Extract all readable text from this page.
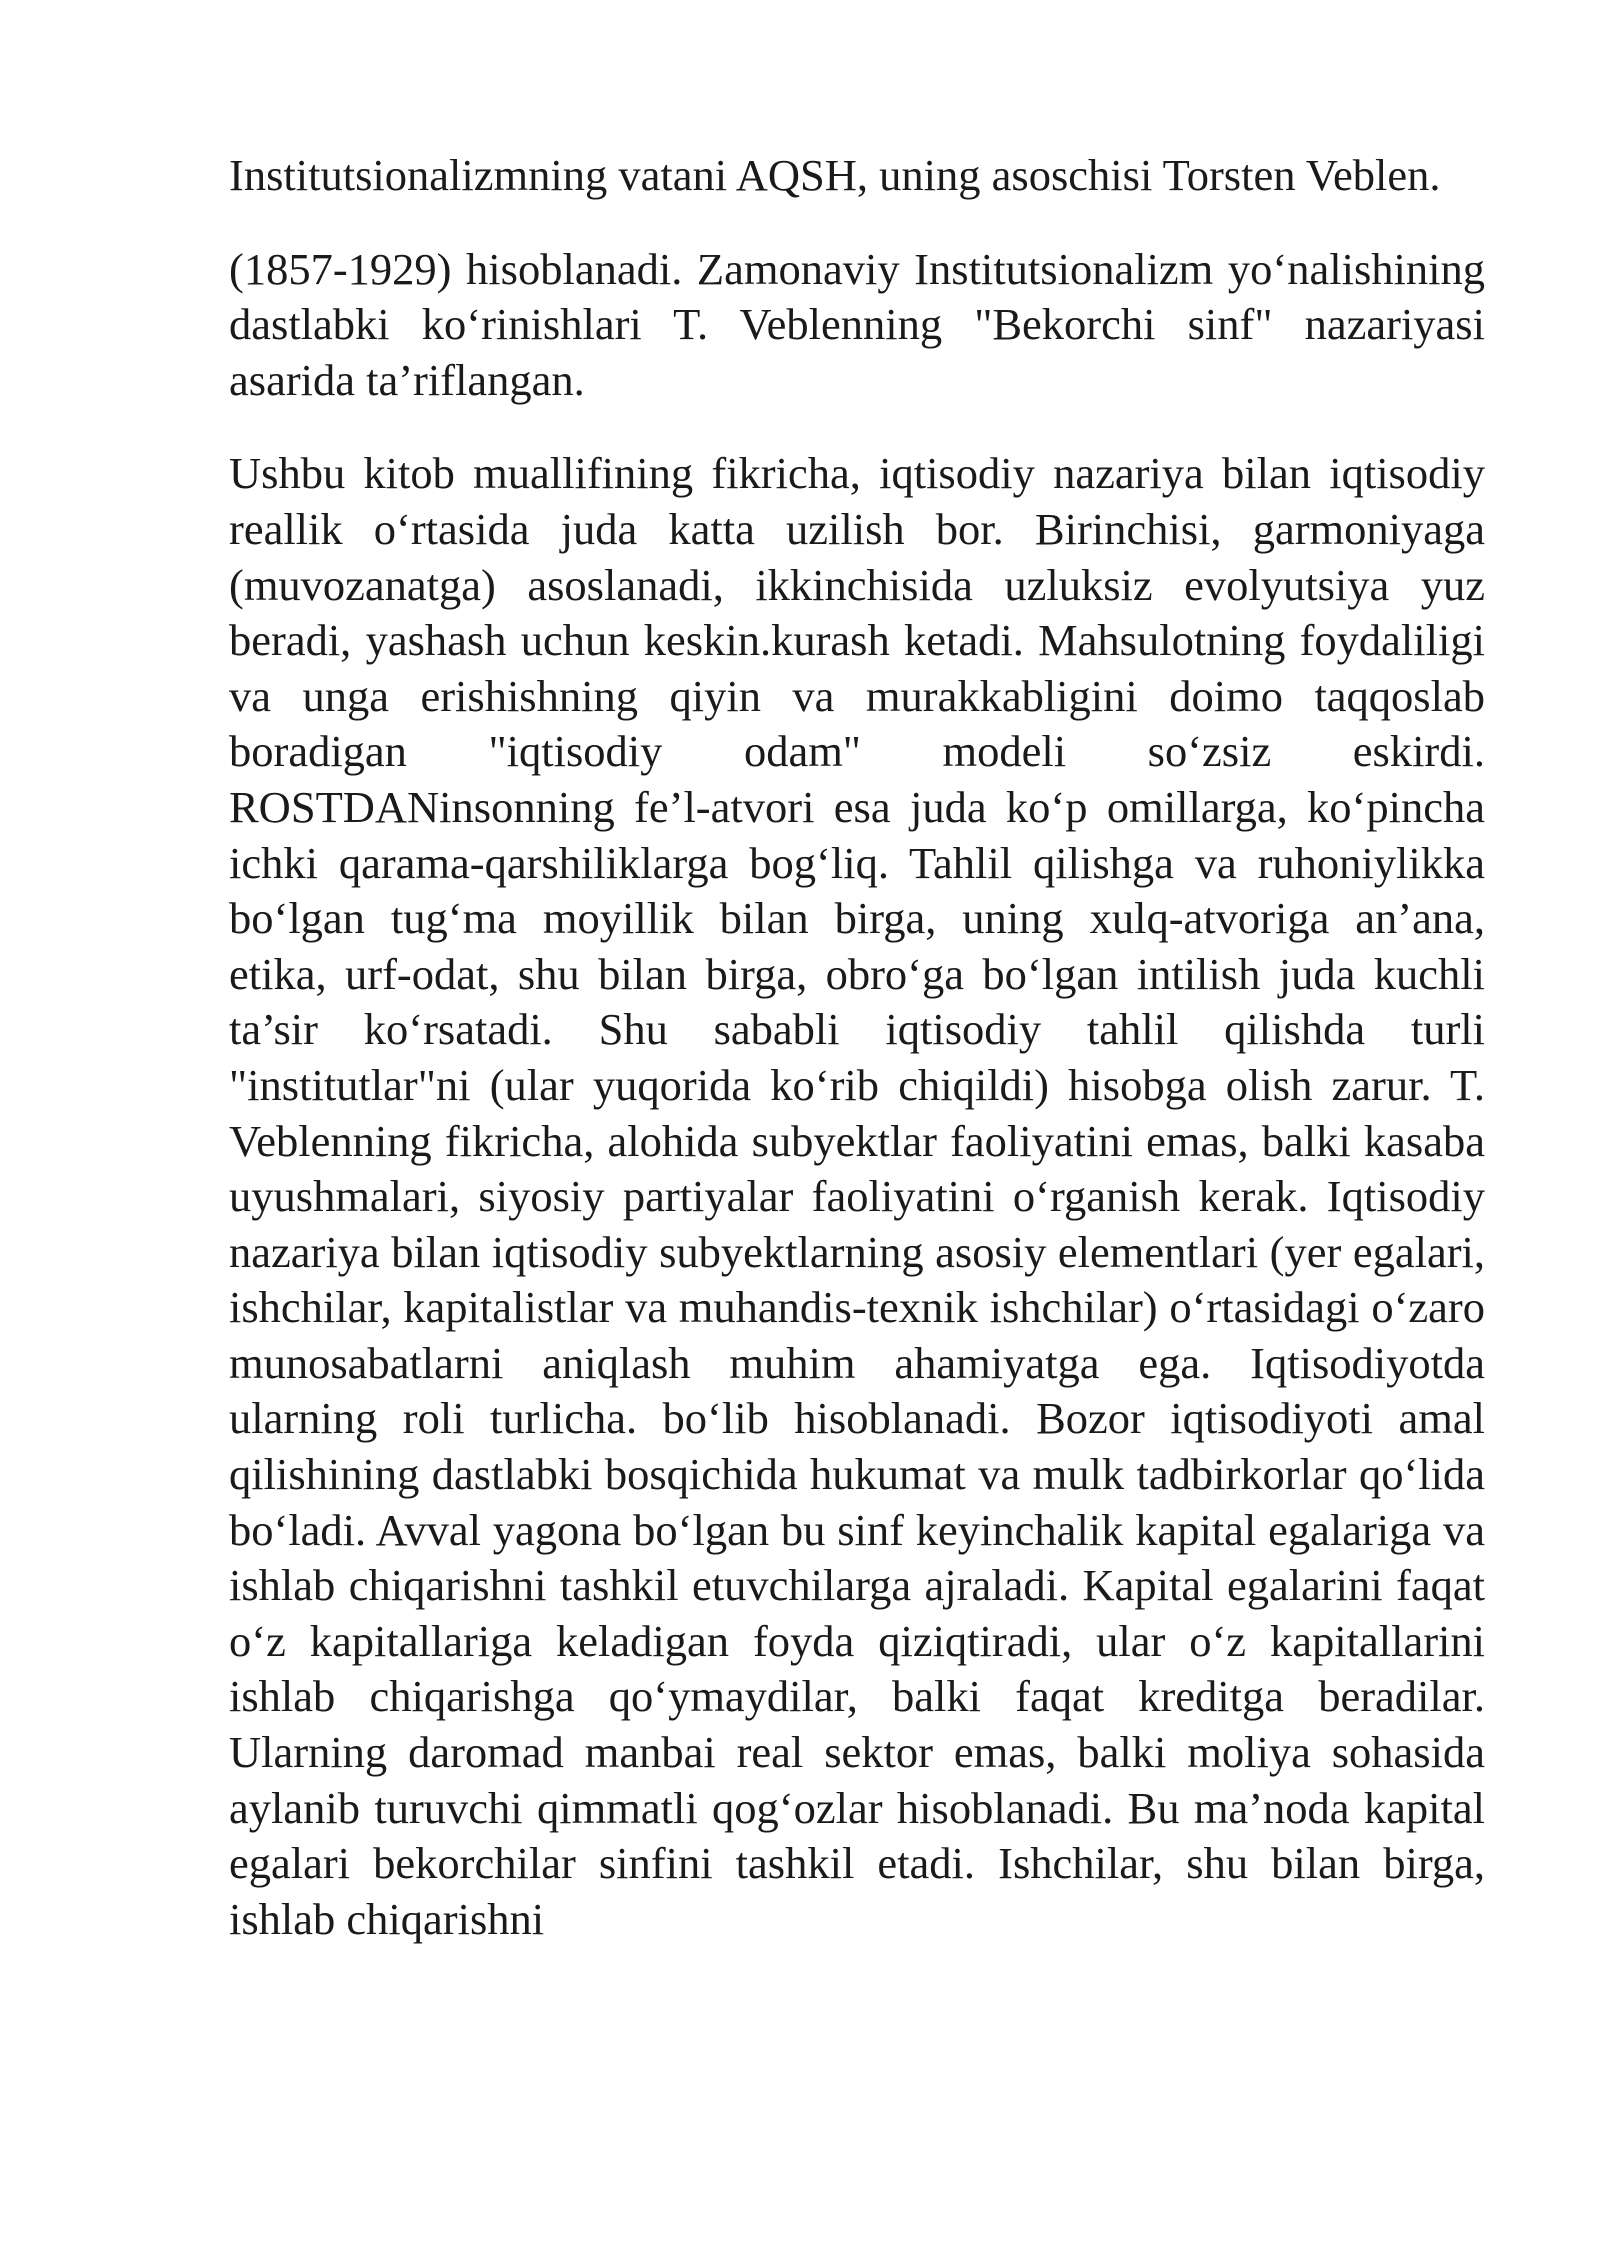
Institutsionalizmning vatani AQSH, uning asoschisi Torsten Veblen.

(1857-1929) hisoblanadi. Zamonaviy Institutsionalizm yo‘nalishining dastlabki ko‘rinishlari T. Veblenning "Bekorchi sinf" nazariyasi asarida ta’riflangan.

Ushbu kitob muallifining fikricha, iqtisodiy nazariya bilan iqtisodiy reallik o‘rtasida juda katta uzilish bor. Birinchisi, garmoniyaga (muvozanatga) asoslanadi, ikkinchisida uzluksiz evolyutsiya yuz beradi, yashash uchun keskin.kurash ketadi. Mahsulotning foydaliligi va unga erishishning qiyin va murakkabligini doimo taqqoslab boradigan "iqtisodiy odam" modeli so‘zsiz eskirdi. ROSTDANinsonning fe’l-atvori esa juda ko‘p omillarga, ko‘pincha ichki qarama-qarshiliklarga bog‘liq. Tahlil qilishga va ruhoniylikka bo‘lgan tug‘ma moyillik bilan birga, uning xulq-atvoriga an’ana, etika, urf-odat, shu bilan birga, obro‘ga bo‘lgan intilish juda kuchli ta’sir ko‘rsatadi. Shu sababli iqtisodiy tahlil qilishda turli "institutlar"ni (ular yuqorida ko‘rib chiqildi) hisobga olish zarur. T. Veblenning fikricha, alohida subyektlar faoliyatini emas, balki kasaba uyushmalari, siyosiy partiyalar faoliyatini o‘rganish kerak. Iqtisodiy nazariya bilan iqtisodiy subyektlarning asosiy elementlari (yer egalari, ishchilar, kapitalistlar va muhandis-texnik ishchilar) o‘rtasidagi o‘zaro munosabatlarni aniqlash muhim ahamiyatga ega. Iqtisodiyotda ularning roli turlicha. bo‘lib hisoblanadi. Bozor iqtisodiyoti amal qilishining dastlabki bosqichida hukumat va mulk tadbirkorlar qo‘lida bo‘ladi. Avval yagona bo‘lgan bu sinf keyinchalik kapital egalariga va ishlab chiqarishni tashkil etuvchilarga ajraladi. Kapital egalarini faqat o‘z kapitallariga keladigan foyda qiziqtiradi, ular o‘z kapitallarini ishlab chiqarishga qo‘ymaydilar, balki faqat kreditga beradilar. Ularning daromad manbai real sektor emas, balki moliya sohasida aylanib turuvchi qimmatli qog‘ozlar hisoblanadi. Bu ma’noda kapital egalari bekorchilar sinfini tashkil etadi. Ishchilar, shu bilan birga, ishlab chiqarishni
